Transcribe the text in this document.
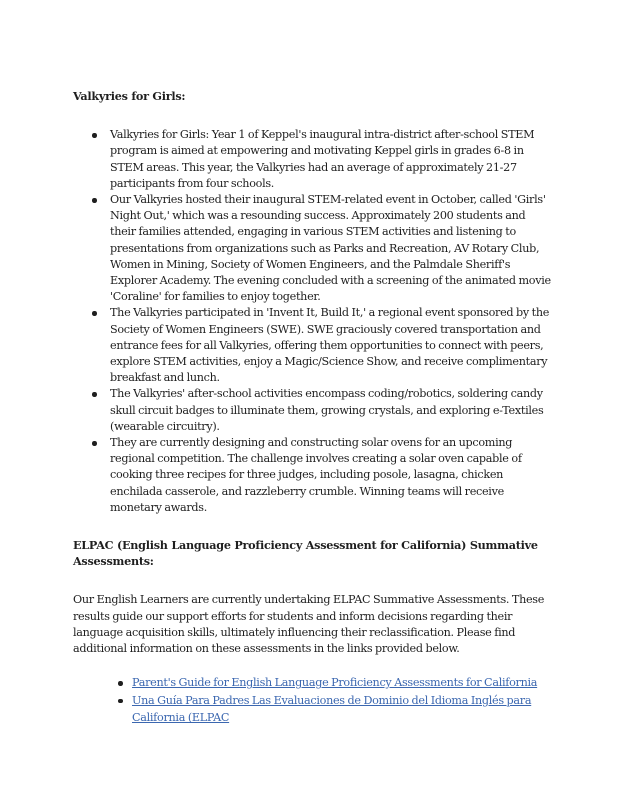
Valkyries for Girls:
Valkyries for Girls: Year 1 of Keppel's inaugural intra-district after-school STEM program is aimed at empowering and motivating Keppel girls in grades 6-8 in STEM areas. This year, the Valkyries had an average of approximately 21-27 participants from four schools.
Our Valkyries hosted their inaugural STEM-related event in October, called 'Girls' Night Out,' which was a resounding success. Approximately 200 students and their families attended, engaging in various STEM activities and listening to presentations from organizations such as Parks and Recreation, AV Rotary Club, Women in Mining, Society of Women Engineers, and the Palmdale Sheriff's Explorer Academy. The evening concluded with a screening of the animated movie 'Coraline' for families to enjoy together.
The Valkyries participated in 'Invent It, Build It,' a regional event sponsored by the Society of Women Engineers (SWE). SWE graciously covered transportation and entrance fees for all Valkyries, offering them opportunities to connect with peers, explore STEM activities, enjoy a Magic/Science Show, and receive complimentary breakfast and lunch.
The Valkyries' after-school activities encompass coding/robotics, soldering candy skull circuit badges to illuminate them, growing crystals, and exploring e-Textiles (wearable circuitry).
They are currently designing and constructing solar ovens for an upcoming regional competition. The challenge involves creating a solar oven capable of cooking three recipes for three judges, including posole, lasagna, chicken enchilada casserole, and razzleberry crumble. Winning teams will receive monetary awards.
ELPAC (English Language Proficiency Assessment for California) Summative Assessments:

Our English Learners are currently undertaking ELPAC Summative Assessments. These results guide our support efforts for students and inform decisions regarding their language acquisition skills, ultimately influencing their reclassification. Please find additional information on these assessments in the links provided below.

Parent's Guide for English Language Proficiency Assessments for California
Una Guía Para Padres Las Evaluaciones de Dominio del Idioma Inglés para California (ELPAC
